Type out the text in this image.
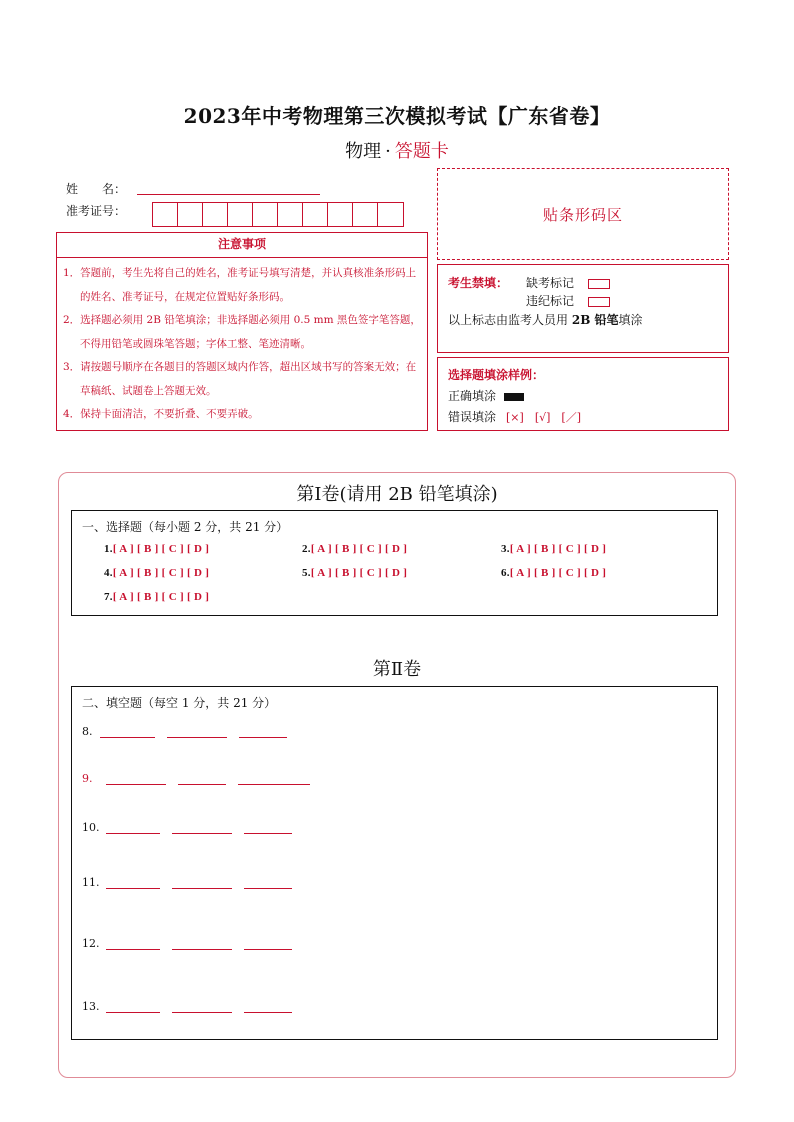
2023年中考物理第三次模拟考试【广东省卷】
物理 · 答题卡
姓　　名：
准考证号：	贴条形码区
注意事项
1．答题前，考生先将自己的姓名，准考证号填写清楚，并认真核准条形码上的姓名、准考证号，在规定位置贴好条形码。
2．选择题必须用 2B 铅笔填涂；非选择题必须用 0.5 mm 黑色签字笔答题，不得用铅笔或圆珠笔答题；字体工整、笔迹清晰。
3．请按题号顺序在各题目的答题区域内作答，超出区域书写的答案无效；在草稿纸、试题卷上答题无效。
4．保持卡面清洁，不要折叠、不要弄破。
考生禁填： 缺考标记
违纪标记
以上标志由监考人员用 2B 铅笔填涂
选择题填涂样例：
正确填涂
错误填涂 [×]　[√]　[／]
第Ⅰ卷(请用 2B 铅笔填涂)
一、选择题（每小题 2 分，共 21 分）
1.[ A ] [ B ] [ C ] [ D ]	2.[ A ] [ B ] [ C ] [ D ]	3.[ A ] [ B ] [ C ] [ D ]
4.[ A ] [ B ] [ C ] [ D ]	5.[ A ] [ B ] [ C ] [ D ]	6.[ A ] [ B ] [ C ] [ D ]
7.[ A ] [ B ] [ C ] [ D ]
第Ⅱ卷
二、填空题（每空 1 分，共 21 分）
8.
9.
10.
11.
12.
13.
